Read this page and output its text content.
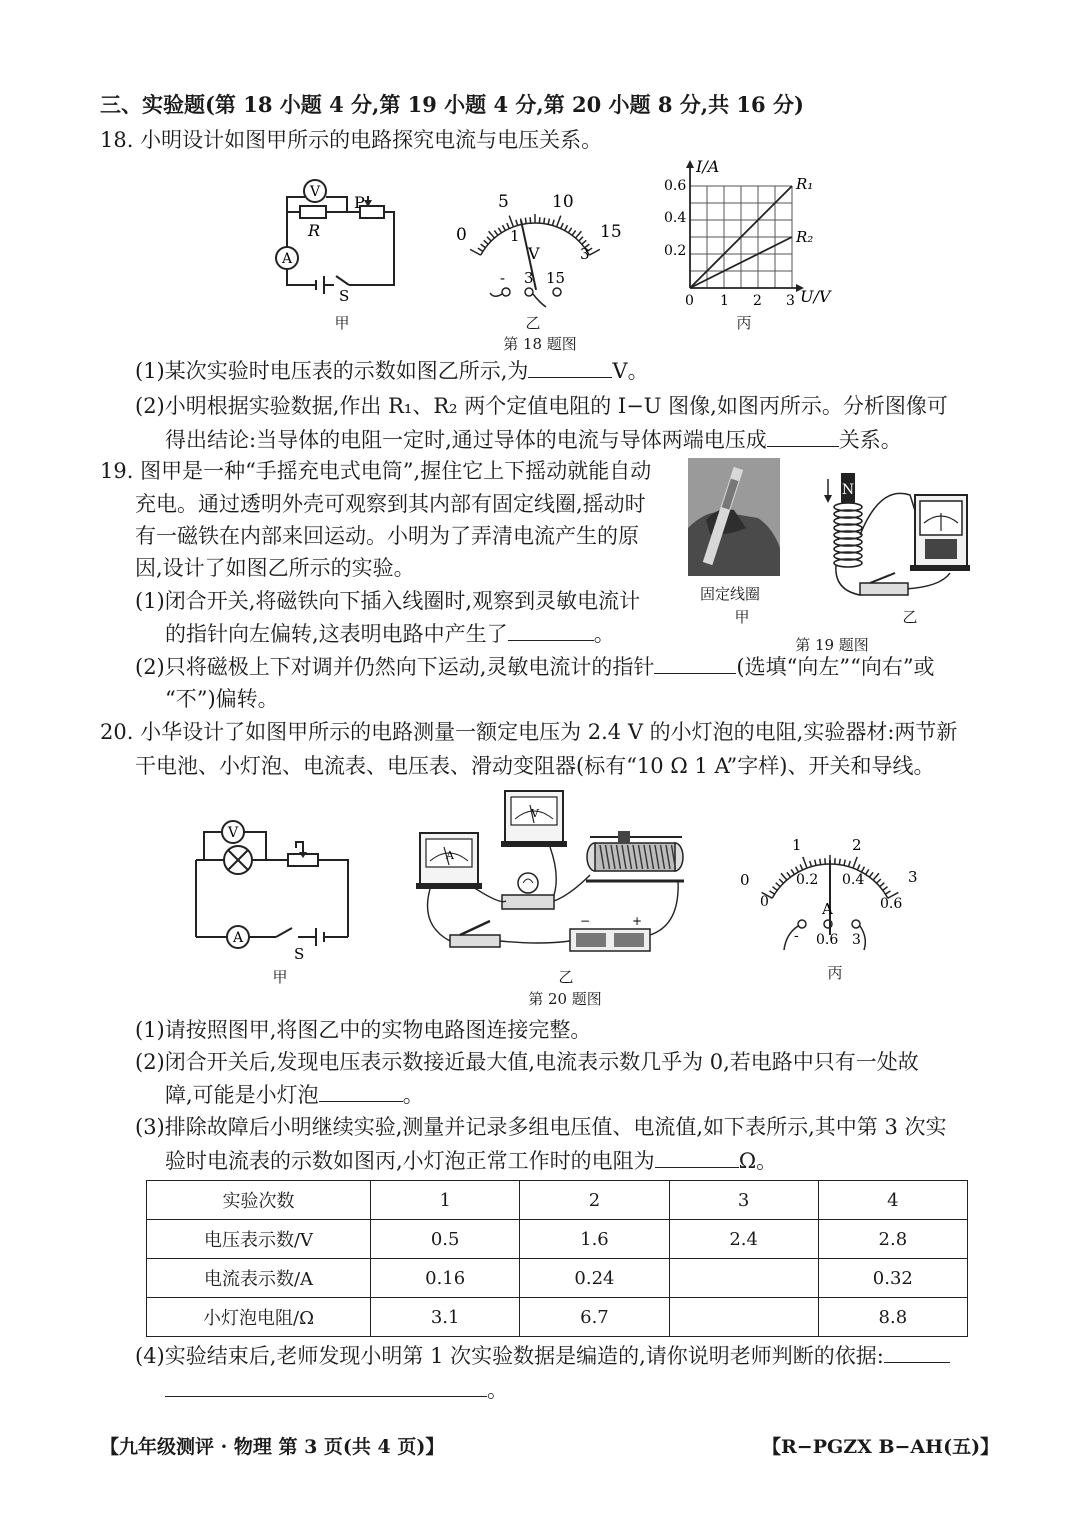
三、实验题(第 18 小题 4 分,第 19 小题 4 分,第 20 小题 8 分,共 16 分)
18. 小明设计如图甲所示的电路探究电流与电压关系。
V
A
P
R
S
甲
0
5	10
15
1
3
V
- 3 15
乙
I/A
U/V
0.6
0.4
0.2
0 1 2 3
R₁
R₂
丙
第 18 题图
(1)某次实验时电压表的示数如图乙所示,为	V。
(2)小明根据实验数据,作出 R₁、R₂ 两个定值电阻的 I−U 图像,如图丙所示。分析图像可
得出结论:当导体的电阻一定时,通过导体的电流与导体两端电压成	关系。
19. 图甲是一种“手摇充电式电筒”,握住它上下摇动就能自动
充电。通过透明外壳可观察到其内部有固定线圈,摇动时
有一磁铁在内部来回运动。小明为了弄清电流产生的原
因,设计了如图乙所示的实验。
(1)闭合开关,将磁铁向下插入线圈时,观察到灵敏电流计
的指针向左偏转,这表明电路中产生了	。
(2)只将磁极上下对调并仍然向下运动,灵敏电流计的指针	(选填“向左”“向右”或
“不”)偏转。
固定线圈
甲
N
乙
第 19 题图
20. 小华设计了如图甲所示的电路测量一额定电压为 2.4 V 的小灯泡的电阻,实验器材:两节新
干电池、小灯泡、电流表、电压表、滑动变阻器(标有“10 Ω 1 A”字样)、开关和导线。
V
A
S
甲
A
V
−	+
乙
第 20 题图
0
1	2
3
0
0.2 0.4
0.6
A
- 0.6 3
丙
(1)请按照图甲,将图乙中的实物电路图连接完整。
(2)闭合开关后,发现电压表示数接近最大值,电流表示数几乎为 0,若电路中只有一处故
障,可能是小灯泡	。
(3)排除故障后小明继续实验,测量并记录多组电压值、电流值,如下表所示,其中第 3 次实
验时电流表的示数如图丙,小灯泡正常工作时的电阻为	Ω。
实验次数	1	2	3	4
电压表示数/V	0.5	1.6	2.4	2.8
电流表示数/A	0.16	0.24		0.32
小灯泡电阻/Ω	3.1	6.7		8.8
(4)实验结束后,老师发现小明第 1 次实验数据是编造的,请你说明老师判断的依据:
。
【九年级测评 · 物理 第 3 页(共 4 页)】	【R−PGZX B−AH(五)】
